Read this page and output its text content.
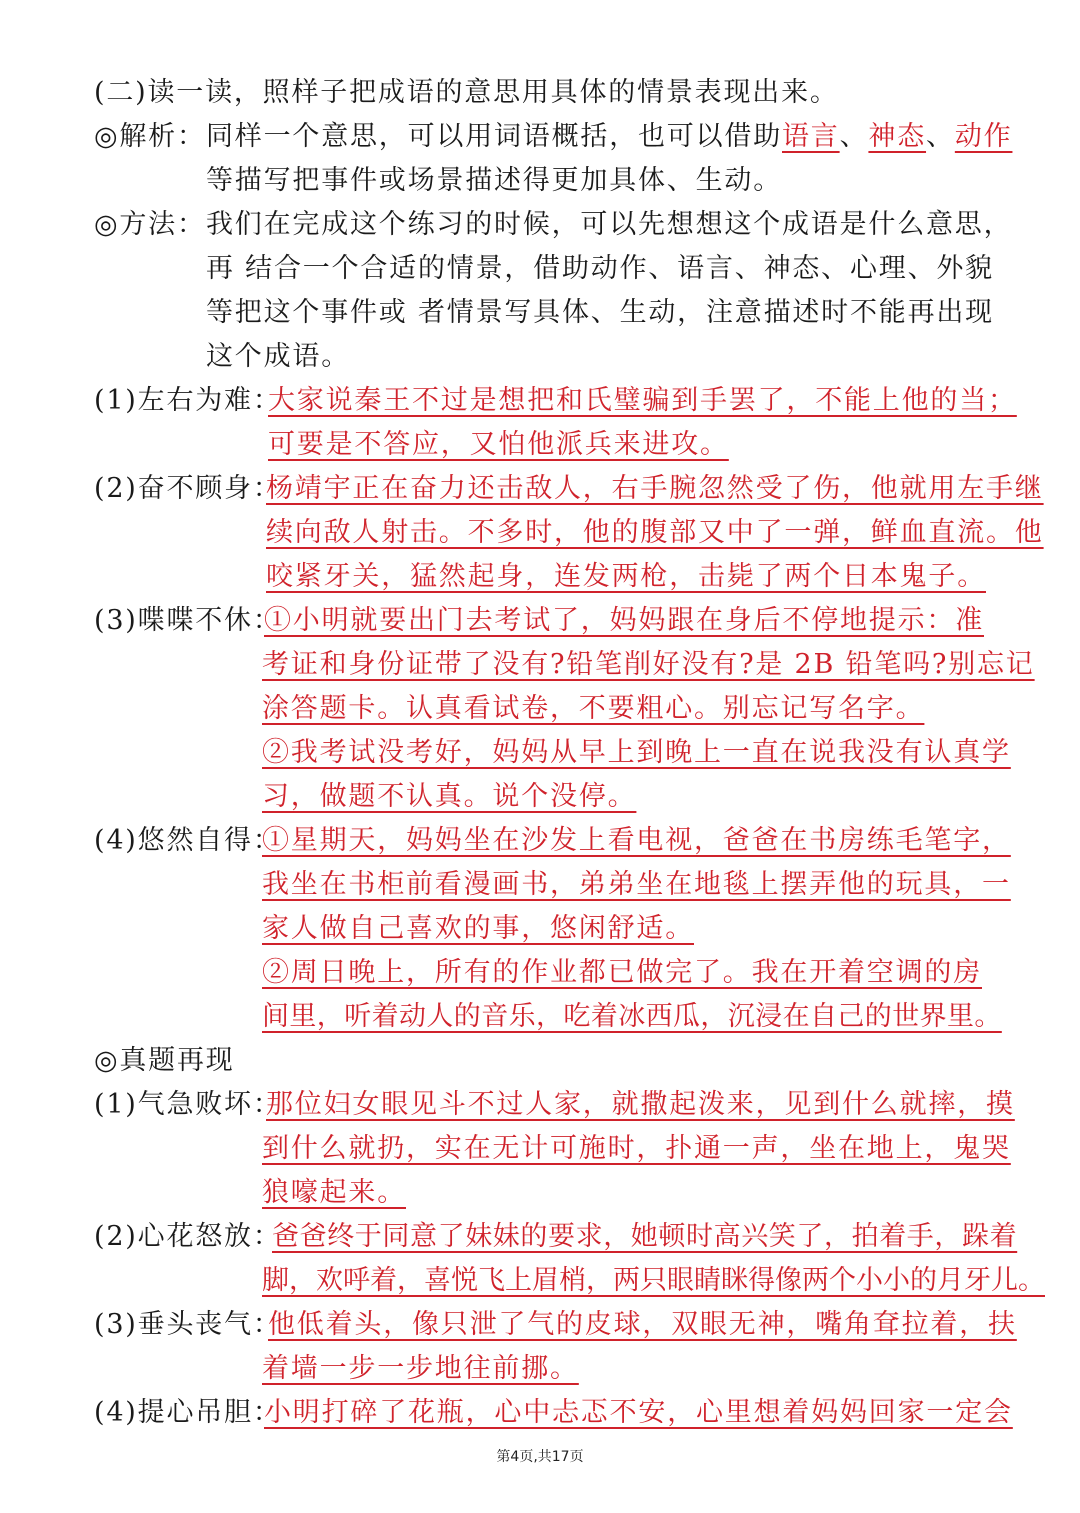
(二)读一读，照样子把成语的意思用具体的情景表现出来。
◎解析： 同样一个意思，可以用词语概括，也可以借助语言、神态、动作
等描写把事件或场景描述得更加具体、生动。
◎方法： 我们在完成这个练习的时候，可以先想想这个成语是什么意思，
再 结合一个合适的情景，借助动作、语言、神态、心理、外貌
等把这个事件或 者情景写具体、生动，注意描述时不能再出现
这个成语。
(1)左右为难：
大家说秦王不过是想把和氏璧骗到手罢了，不能上他的当；
可要是不答应，又怕他派兵来进攻。
(2)奋不顾身：
杨靖宇正在奋力还击敌人，右手腕忽然受了伤，他就用左手继
续向敌人射击。不多时，他的腹部又中了一弹，鲜血直流。他
咬紧牙关，猛然起身，连发两枪，击毙了两个日本鬼子。
(3)喋喋不休：
①小明就要出门去考试了，妈妈跟在身后不停地提示：准
考证和身份证带了没有?铅笔削好没有?是 2B 铅笔吗?别忘记
涂答题卡。认真看试卷，不要粗心。别忘记写名字。
②我考试没考好，妈妈从早上到晚上一直在说我没有认真学
习，做题不认真。说个没停。
(4)悠然自得：
①星期天，妈妈坐在沙发上看电视，爸爸在书房练毛笔字，
我坐在书柜前看漫画书，弟弟坐在地毯上摆弄他的玩具，一
家人做自己喜欢的事，悠闲舒适。
②周日晚上，所有的作业都已做完了。我在开着空调的房
间里，听着动人的音乐，吃着冰西瓜，沉浸在自己的世界里。
◎真题再现
(1)气急败坏：
那位妇女眼见斗不过人家，就撒起泼来，见到什么就摔，摸
到什么就扔，实在无计可施时，扑通一声，坐在地上，鬼哭
狼嚎起来。
(2)心花怒放：
爸爸终于同意了妹妹的要求，她顿时高兴笑了，拍着手，跺着
脚，欢呼着，喜悦飞上眉梢，两只眼睛眯得像两个小小的月牙儿。
(3)垂头丧气：
他低着头，像只泄了气的皮球，双眼无神，嘴角耷拉着，扶
着墙一步一步地往前挪。
(4)提心吊胆：
小明打碎了花瓶，心中忐忑不安，心里想着妈妈回家一定会
第4页,共17页
